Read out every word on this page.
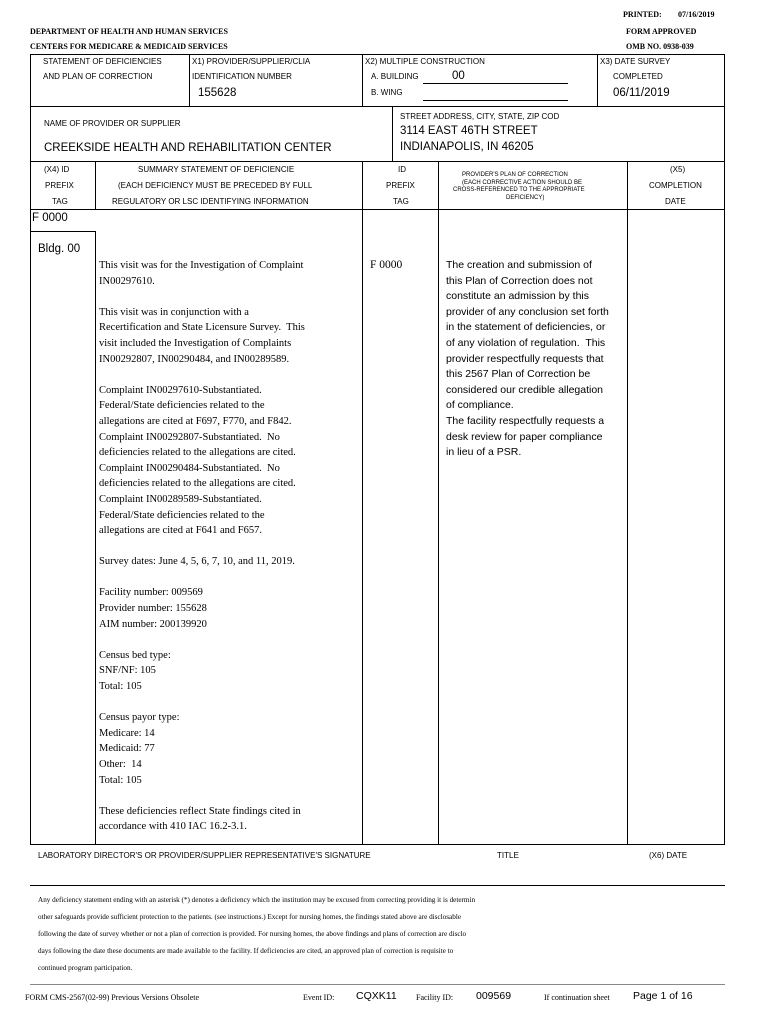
PRINTED: 07/16/2019
DEPARTMENT OF HEALTH AND HUMAN SERVICES	FORM APPROVED
CENTERS FOR MEDICARE & MEDICAID SERVICES	OMB NO. 0938-039
STATEMENT OF DEFICIENCIES
AND PLAN OF CORRECTION
X1) PROVIDER/SUPPLIER/CLIA
IDENTIFICATION NUMBER
155628
X2) MULTIPLE CONSTRUCTION
A. BUILDING	00
B. WING
X3) DATE SURVEY
COMPLETED
06/11/2019
NAME OF PROVIDER OR SUPPLIER
CREEKSIDE HEALTH AND REHABILITATION CENTER
STREET ADDRESS, CITY, STATE, ZIP COD
3114 EAST 46TH STREET
INDIANAPOLIS, IN 46205
(X4) ID
PREFIX
TAG
SUMMARY STATEMENT OF DEFICIENCIE
(EACH DEFICIENCY MUST BE PRECEDED BY FULL
REGULATORY OR LSC IDENTIFYING INFORMATION
ID
PREFIX
TAG
PROVIDER'S PLAN OF CORRECTION
(EACH CORRECTIVE ACTION SHOULD BE
CROSS-REFERENCED TO THE APPROPRIATE
DEFICIENCY)
(X5)
COMPLETION
DATE
F 0000
Bldg. 00
This visit was for the Investigation of Complaint
IN00297610.

This visit was in conjunction with a
Recertification and State Licensure Survey.  This
visit included the Investigation of Complaints
IN00292807, IN00290484, and IN00289589.

Complaint IN00297610-Substantiated.
Federal/State deficiencies related to the
allegations are cited at F697, F770, and F842.
Complaint IN00292807-Substantiated.  No
deficiencies related to the allegations are cited.
Complaint IN00290484-Substantiated.  No
deficiencies related to the allegations are cited.
Complaint IN00289589-Substantiated.
Federal/State deficiencies related to the
allegations are cited at F641 and F657.

Survey dates: June 4, 5, 6, 7, 10, and 11, 2019.

Facility number: 009569
Provider number: 155628
AIM number: 200139920

Census bed type:
SNF/NF: 105
Total: 105

Census payor type:
Medicare: 14
Medicaid: 77
Other:  14
Total: 105

These deficiencies reflect State findings cited in
accordance with 410 IAC 16.2-3.1.
F 0000	The creation and submission of
this Plan of Correction does not
constitute an admission by this
provider of any conclusion set forth
in the statement of deficiencies, or
of any violation of regulation.  This
provider respectfully requests that
this 2567 Plan of Correction be
considered our credible allegation
of compliance.
The facility respectfully requests a
desk review for paper compliance
in lieu of a PSR.
LABORATORY DIRECTOR'S OR PROVIDER/SUPPLIER REPRESENTATIVE'S SIGNATURE	TITLE	(X6) DATE
Any deficiency statement ending with an asterisk (*) denotes a deficiency which the institution may be excused from correcting providing it is determin
other safeguards provide sufficient protection to the patients. (see instructions.) Except for nursing homes, the findings stated above are disclosable
following the date of survey whether or not a plan of correction is provided. For nursing homes, the above findings and plans of correction are disclo
days following the date these documents are made available to the facility. If deficiencies are cited, an approved plan of correction is requisite to
continued program participation.
FORM CMS-2567(02-99) Previous Versions Obsolete	Event ID: CQXK11 Facility ID: 009569	If continuation sheet Page 1 of 16
